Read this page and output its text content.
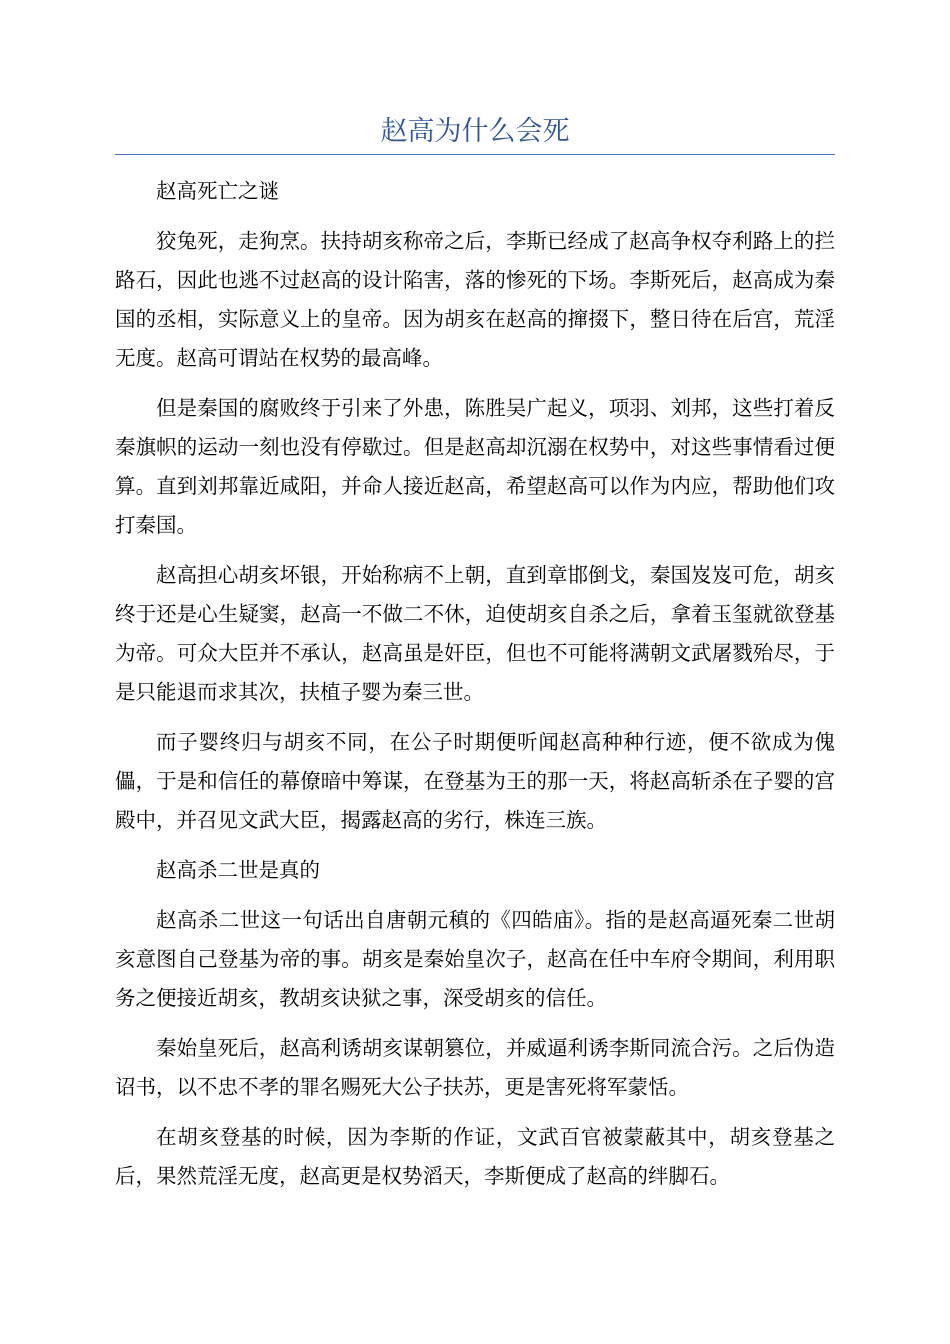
赵高为什么会死

赵高死亡之谜

狡兔死，走狗烹。扶持胡亥称帝之后，李斯已经成了赵高争权夺利路上的拦路石，因此也逃不过赵高的设计陷害，落的惨死的下场。李斯死后，赵高成为秦国的丞相，实际意义上的皇帝。因为胡亥在赵高的撺掇下，整日待在后宫，荒淫无度。赵高可谓站在权势的最高峰。

但是秦国的腐败终于引来了外患，陈胜吴广起义，项羽、刘邦，这些打着反秦旗帜的运动一刻也没有停歇过。但是赵高却沉溺在权势中，对这些事情看过便算。直到刘邦靠近咸阳，并命人接近赵高，希望赵高可以作为内应，帮助他们攻打秦国。

赵高担心胡亥坏银，开始称病不上朝，直到章邯倒戈，秦国岌岌可危，胡亥终于还是心生疑窦，赵高一不做二不休，迫使胡亥自杀之后，拿着玉玺就欲登基为帝。可众大臣并不承认，赵高虽是奸臣，但也不可能将满朝文武屠戮殆尽，于是只能退而求其次，扶植子婴为秦三世。

而子婴终归与胡亥不同，在公子时期便听闻赵高种种行迹，便不欲成为傀儡，于是和信任的幕僚暗中筹谋，在登基为王的那一天，将赵高斩杀在子婴的宫殿中，并召见文武大臣，揭露赵高的劣行，株连三族。

赵高杀二世是真的

赵高杀二世这一句话出自唐朝元稹的《四皓庙》。指的是赵高逼死秦二世胡亥意图自己登基为帝的事。胡亥是秦始皇次子，赵高在任中车府令期间，利用职务之便接近胡亥，教胡亥诀狱之事，深受胡亥的信任。

秦始皇死后，赵高利诱胡亥谋朝篡位，并威逼利诱李斯同流合污。之后伪造诏书，以不忠不孝的罪名赐死大公子扶苏，更是害死将军蒙恬。

在胡亥登基的时候，因为李斯的作证，文武百官被蒙蔽其中，胡亥登基之后，果然荒淫无度，赵高更是权势滔天，李斯便成了赵高的绊脚石。
